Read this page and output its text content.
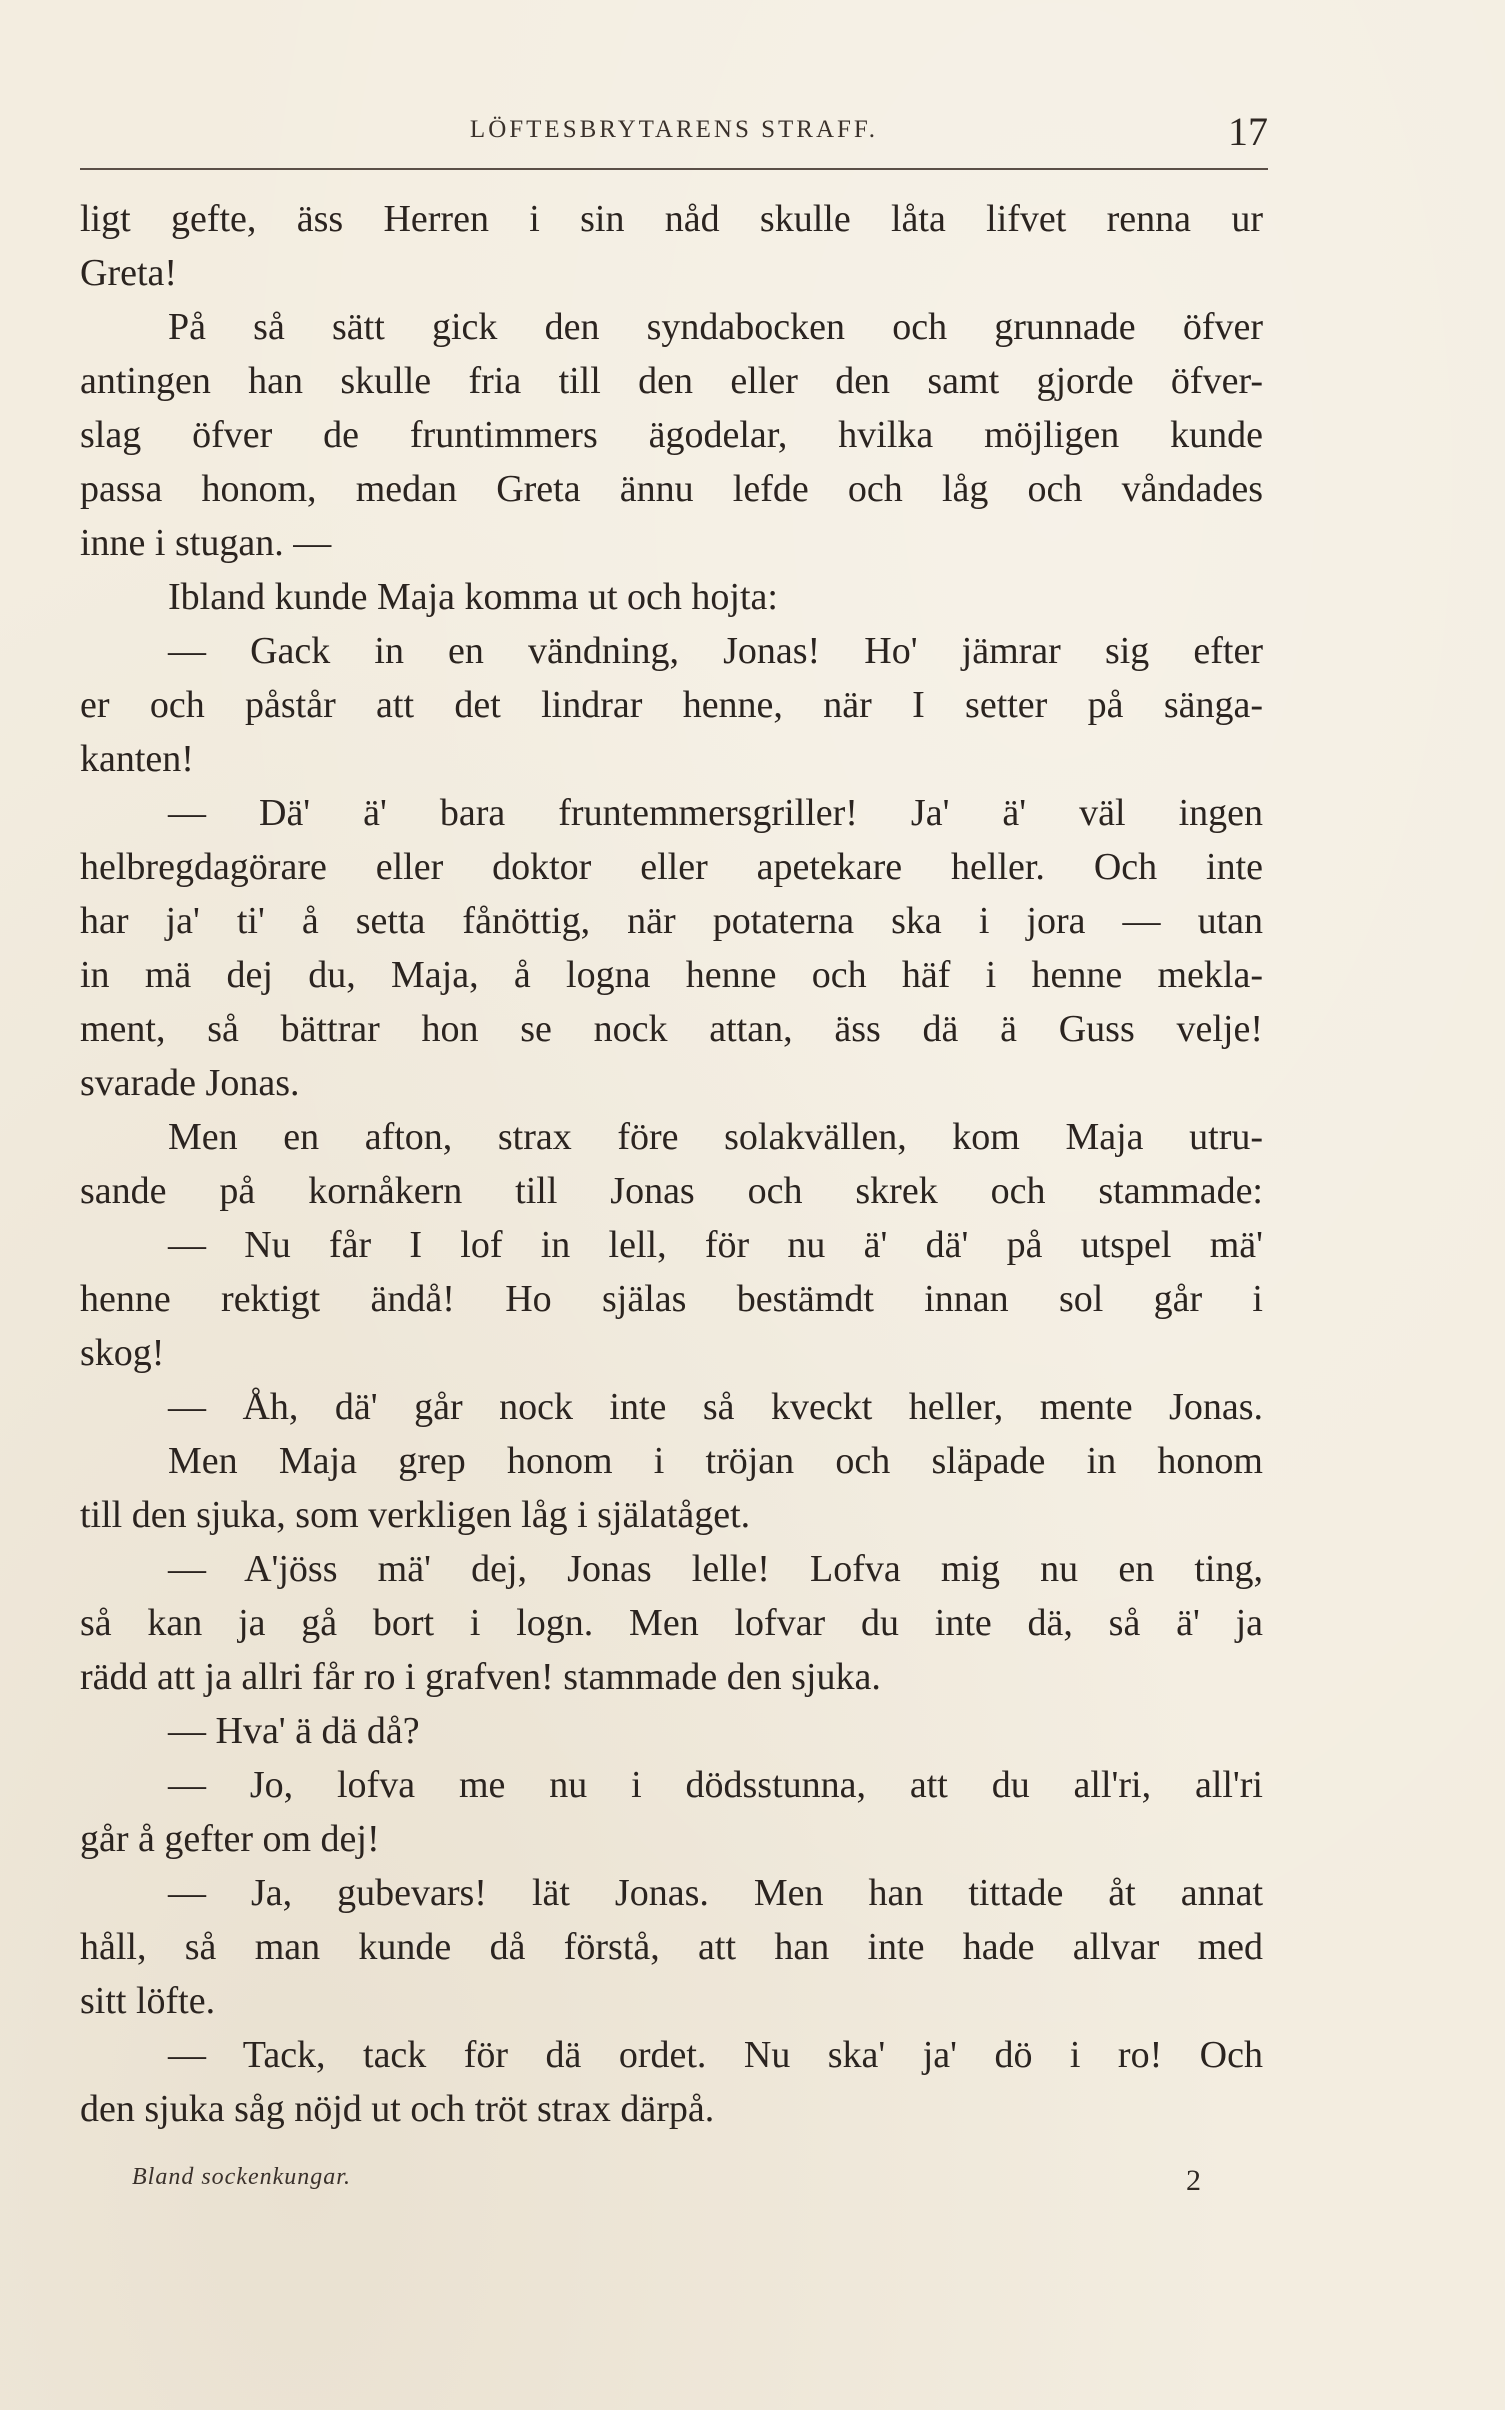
LÖFTESBRYTARENS STRAFF.	17
ligt gefte, äss Herren i sin nåd skulle låta lifvet renna ur
Greta!
På så sätt gick den syndabocken och grunnade öfver
antingen han skulle fria till den eller den samt gjorde öfver-
slag öfver de fruntimmers ägodelar, hvilka möjligen kunde
passa honom, medan Greta ännu lefde och låg och våndades
inne i stugan. —
Ibland kunde Maja komma ut och hojta:
— Gack in en vändning, Jonas! Ho' jämrar sig efter
er och påstår att det lindrar henne, när I setter på sänga-
kanten!
— Dä' ä' bara fruntemmersgriller! Ja' ä' väl ingen
helbregdagörare eller doktor eller apetekare heller. Och inte
har ja' ti' å setta fånöttig, när potaterna ska i jora — utan
in mä dej du, Maja, å logna henne och häf i henne mekla-
ment, så bättrar hon se nock attan, äss dä ä Guss velje!
svarade Jonas.
Men en afton, strax före solakvällen, kom Maja utru-
sande på kornåkern till Jonas och skrek och stammade:
— Nu får I lof in lell, för nu ä' dä' på utspel mä'
henne rektigt ändå! Ho själas bestämdt innan sol går i
skog!
— Åh, dä' går nock inte så kveckt heller, mente Jonas.
Men Maja grep honom i tröjan och släpade in honom
till den sjuka, som verkligen låg i själatåget.
— A'jöss mä' dej, Jonas lelle! Lofva mig nu en ting,
så kan ja gå bort i logn. Men lofvar du inte dä, så ä' ja
rädd att ja allri får ro i grafven! stammade den sjuka.
— Hva' ä dä då?
— Jo, lofva me nu i dödsstunna, att du all'ri, all'ri
går å gefter om dej!
— Ja, gubevars! lät Jonas. Men han tittade åt annat
håll, så man kunde då förstå, att han inte hade allvar med
sitt löfte.
— Tack, tack för dä ordet. Nu ska' ja' dö i ro! Och
den sjuka såg nöjd ut och tröt strax därpå.
Bland sockenkungar.	2
